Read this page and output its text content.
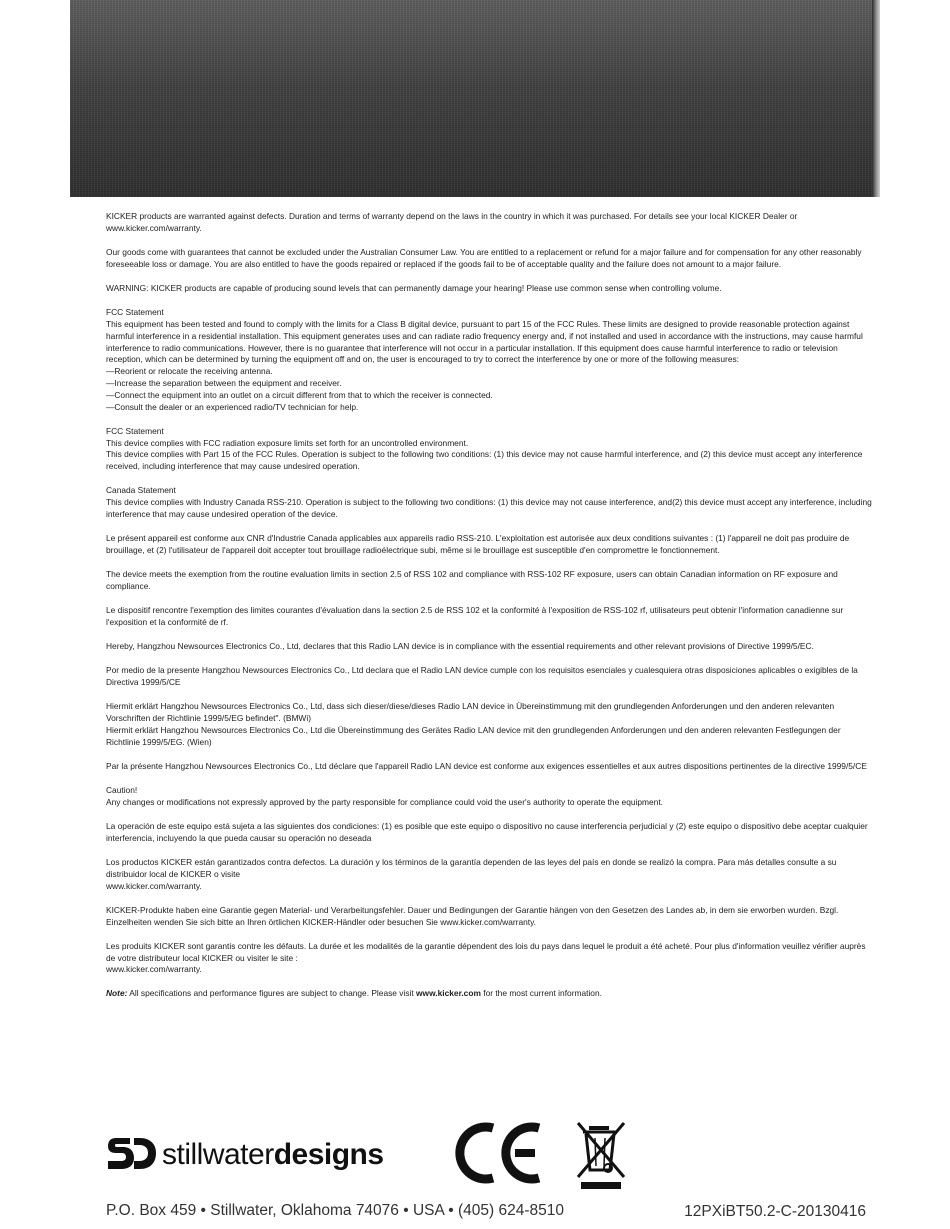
KICKER products are warranted against defects. Duration and terms of warranty depend on the laws in the country in which it was purchased. For details see your local KICKER Dealer or www.kicker.com/warranty.

Our goods come with guarantees that cannot be excluded under the Australian Consumer Law. You are entitled to a replacement or refund for a major failure and for compensation for any other reasonably foreseeable loss or damage. You are also entitled to have the goods repaired or replaced if the goods fail to be of acceptable quality and the failure does not amount to a major failure.

WARNING: KICKER products are capable of producing sound levels that can permanently damage your hearing! Please use common sense when controlling volume.

FCC Statement
This equipment has been tested and found to comply with the limits for a Class B digital device, pursuant to part 15 of the FCC Rules. These limits are designed to provide reasonable protection against harmful interference in a residential installation. This equipment generates uses and can radiate radio frequency energy and, if not installed and used in accordance with the instructions, may cause harmful interference to radio communications. However, there is no guarantee that interference will not occur in a particular installation. If this equipment does cause harmful interference to radio or television reception, which can be determined by turning the equipment off and on, the user is encouraged to try to correct the interference by one or more of the following measures:
—Reorient or relocate the receiving antenna.
—Increase the separation between the equipment and receiver.
—Connect the equipment into an outlet on a circuit different from that to which the receiver is connected.
—Consult the dealer or an experienced radio/TV technician for help.

FCC Statement
This device complies with FCC radiation exposure limits set forth for an uncontrolled environment.
This device complies with Part 15 of the FCC Rules. Operation is subject to the following two conditions: (1) this device may not cause harmful interference, and (2) this device must accept any interference received, including interference that may cause undesired operation.

Canada Statement
This device complies with Industry Canada RSS-210. Operation is subject to the following two conditions: (1) this device may not cause interference, and(2) this device must accept any interference, including interference that may cause undesired operation of the device.

Le présent appareil est conforme aux CNR d'Industrie Canada applicables aux appareils radio RSS-210. L'exploitation est autorisée aux deux conditions suivantes : (1) l'appareil ne doit pas produire de brouillage, et (2) l'utilisateur de l'appareil doit accepter tout brouillage radioélectrique subi, même si le brouillage est susceptible d'en compromettre le fonctionnement.

The device meets the exemption from the routine evaluation limits in section 2.5 of RSS 102 and compliance with RSS-102 RF exposure, users can obtain Canadian information on RF exposure and compliance.

Le dispositif rencontre l'exemption des limites courantes d'évaluation dans la section 2.5 de RSS 102 et la conformité à l'exposition de RSS-102 rf, utilisateurs peut obtenir l'information canadienne sur l'exposition et la conformité de rf.

Hereby, Hangzhou Newsources Electronics Co., Ltd, declares that this Radio LAN device is in compliance with the essential requirements and other relevant provisions of Directive 1999/5/EC.

Por medio de la presente Hangzhou Newsources Electronics Co., Ltd declara que el Radio LAN device cumple con los requisitos esenciales y cualesquiera otras disposiciones aplicables o exigibles de la Directiva 1999/5/CE

Hiermit erklärt Hangzhou Newsources Electronics Co., Ltd, dass sich dieser/diese/dieses Radio LAN device in Übereinstimmung mit den grundlegenden Anforderungen und den anderen relevanten Vorschriften der Richtlinie 1999/5/EG befindet". (BMWi)
Hiermit erklärt Hangzhou Newsources Electronics Co., Ltd die Übereinstimmung des Gerätes Radio LAN device mit den grundlegenden Anforderungen und den anderen relevanten Festlegungen der Richtlinie 1999/5/EG. (Wien)

Par la présente Hangzhou Newsources Electronics Co., Ltd déclare que l'appareil Radio LAN device est conforme aux exigences essentielles et aux autres dispositions pertinentes de la directive 1999/5/CE

Caution!
Any changes or modifications not expressly approved by the party responsible for compliance could void the user's authority to operate the equipment.

La operación de este equipo está sujeta a las siguientes dos condiciones: (1) es posible que este equipo o dispositivo no cause interferencia perjudicial y (2) este equipo o dispositivo debe aceptar cualquier interferencia, incluyendo la que pueda causar su operación no deseada

Los productos KICKER están garantizados contra defectos. La duración y los términos de la garantía dependen de las leyes del país en donde se realizó la compra. Para más detalles consulte a su distribuidor local de KICKER o visite
www.kicker.com/warranty.

KICKER-Produkte haben eine Garantie gegen Material- und Verarbeitungsfehler. Dauer und Bedingungen der Garantie hängen von den Gesetzen des Landes ab, in dem sie erworben wurden. Bzgl. Einzelheiten wenden Sie sich bitte an Ihren örtlichen KICKER-Händler oder besuchen Sie www.kicker.com/warranty.

Les produits KICKER sont garantis contre les défauts. La durée et les modalités de la garantie dépendent des lois du pays dans lequel le produit a été acheté. Pour plus d'information veuillez vérifier auprès de votre distributeur local KICKER ou visiter le site :
www.kicker.com/warranty.

Note: All specifications and performance figures are subject to change. Please visit www.kicker.com for the most current information.

stillwaterdesigns
P.O. Box 459 • Stillwater, Oklahoma 74076 • USA • (405) 624-8510	12PXiBT50.2-C-20130416
